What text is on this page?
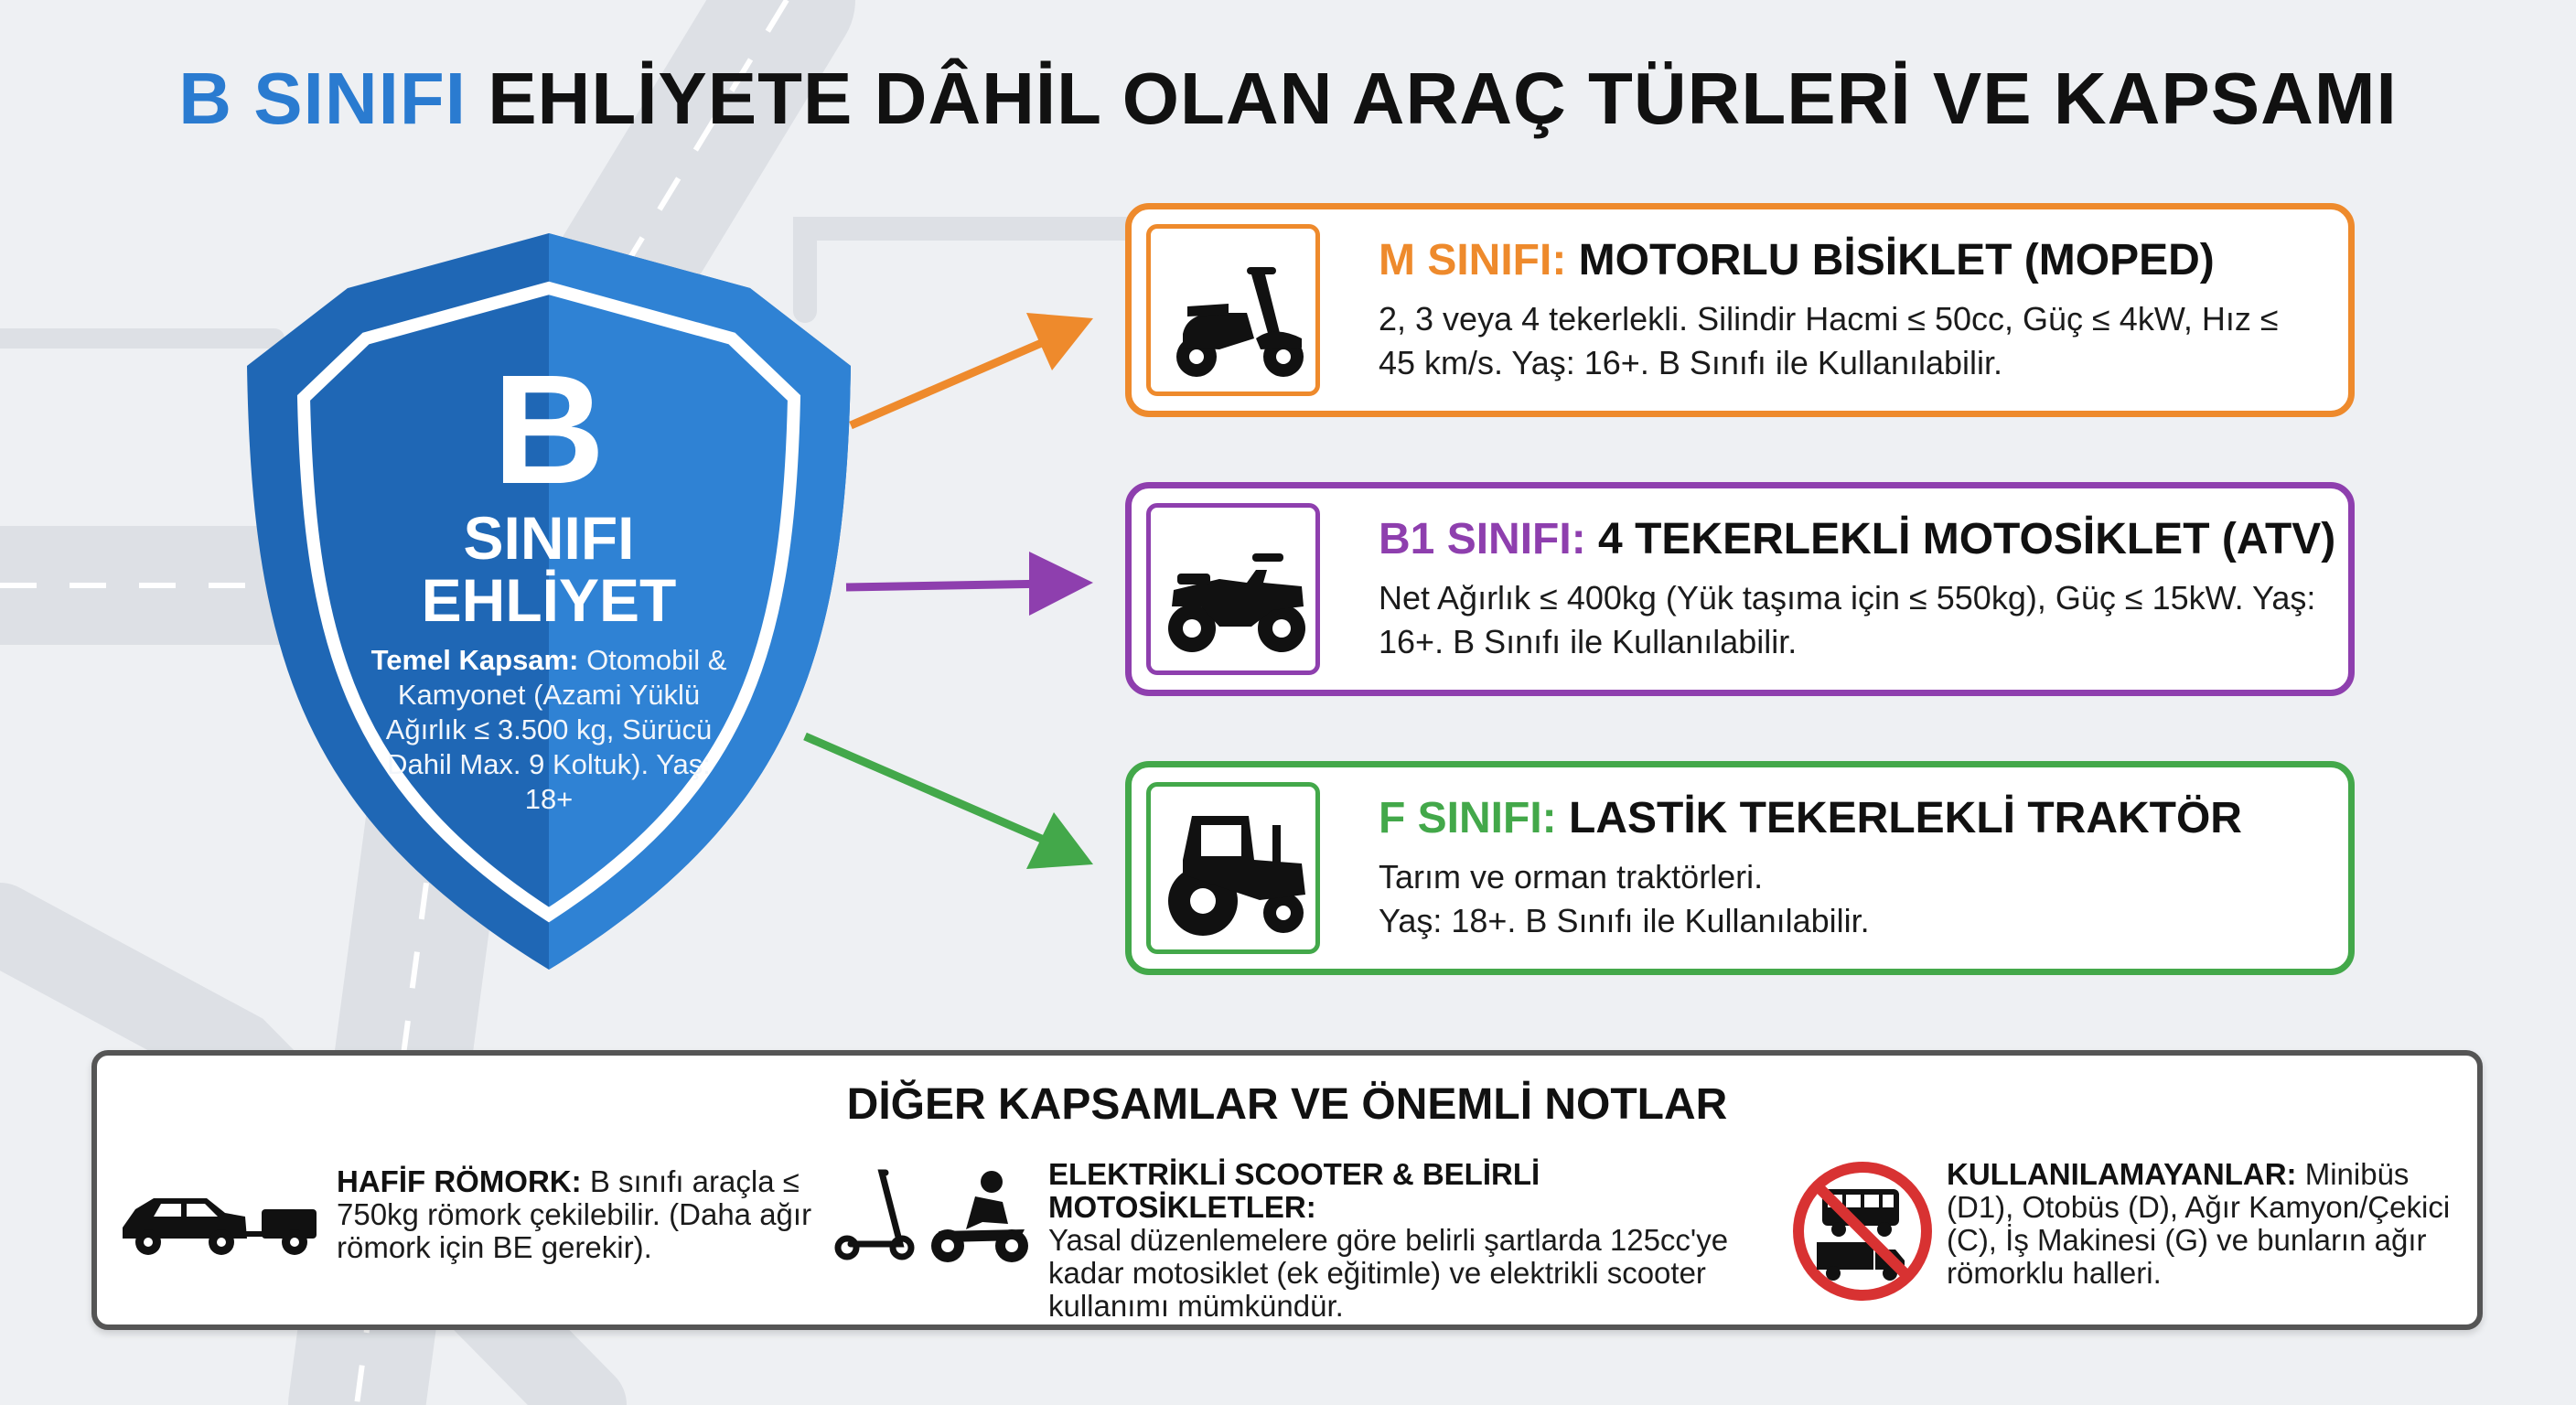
B SINIFI EHLİYETE DÂHİL OLAN ARAÇ TÜRLERİ VE KAPSAMI
B
SINIFI
EHLİYET
Temel Kapsam: Otomobil & Kamyonet (Azami Yüklü Ağırlık ≤ 3.500 kg, Sürücü Dahil Max. 9 Koltuk). Yaş: 18+
M SINIFI: MOTORLU BİSİKLET (MOPED)
2, 3 veya 4 tekerlekli. Silindir Hacmi ≤ 50cc, Güç ≤ 4kW, Hız ≤ 45 km/s. Yaş: 16+. B Sınıfı ile Kullanılabilir.
B1 SINIFI: 4 TEKERLEKLİ MOTOSİKLET (ATV)
Net Ağırlık ≤ 400kg (Yük taşıma için ≤ 550kg), Güç ≤ 15kW. Yaş: 16+. B Sınıfı ile Kullanılabilir.
F SINIFI: LASTİK TEKERLEKLİ TRAKTÖR
Tarım ve orman traktörleri.
Yaş: 18+. B Sınıfı ile Kullanılabilir.
DİĞER KAPSAMLAR VE ÖNEMLİ NOTLAR
HAFİF RÖMORK: B sınıfı araçla ≤ 750kg römork çekilebilir. (Daha ağır römork için BE gerekir).
ELEKTRİKLİ SCOOTER & BELİRLİ MOTOSİKLETLER:
Yasal düzenlemelere göre belirli şartlarda 125cc'ye kadar motosiklet (ek eğitimle) ve elektrikli scooter kullanımı mümkündür.
KULLANILAMAYANLAR: Minibüs (D1), Otobüs (D), Ağır Kamyon/Çekici (C), İş Makinesi (G) ve bunların ağır römorklu halleri.
